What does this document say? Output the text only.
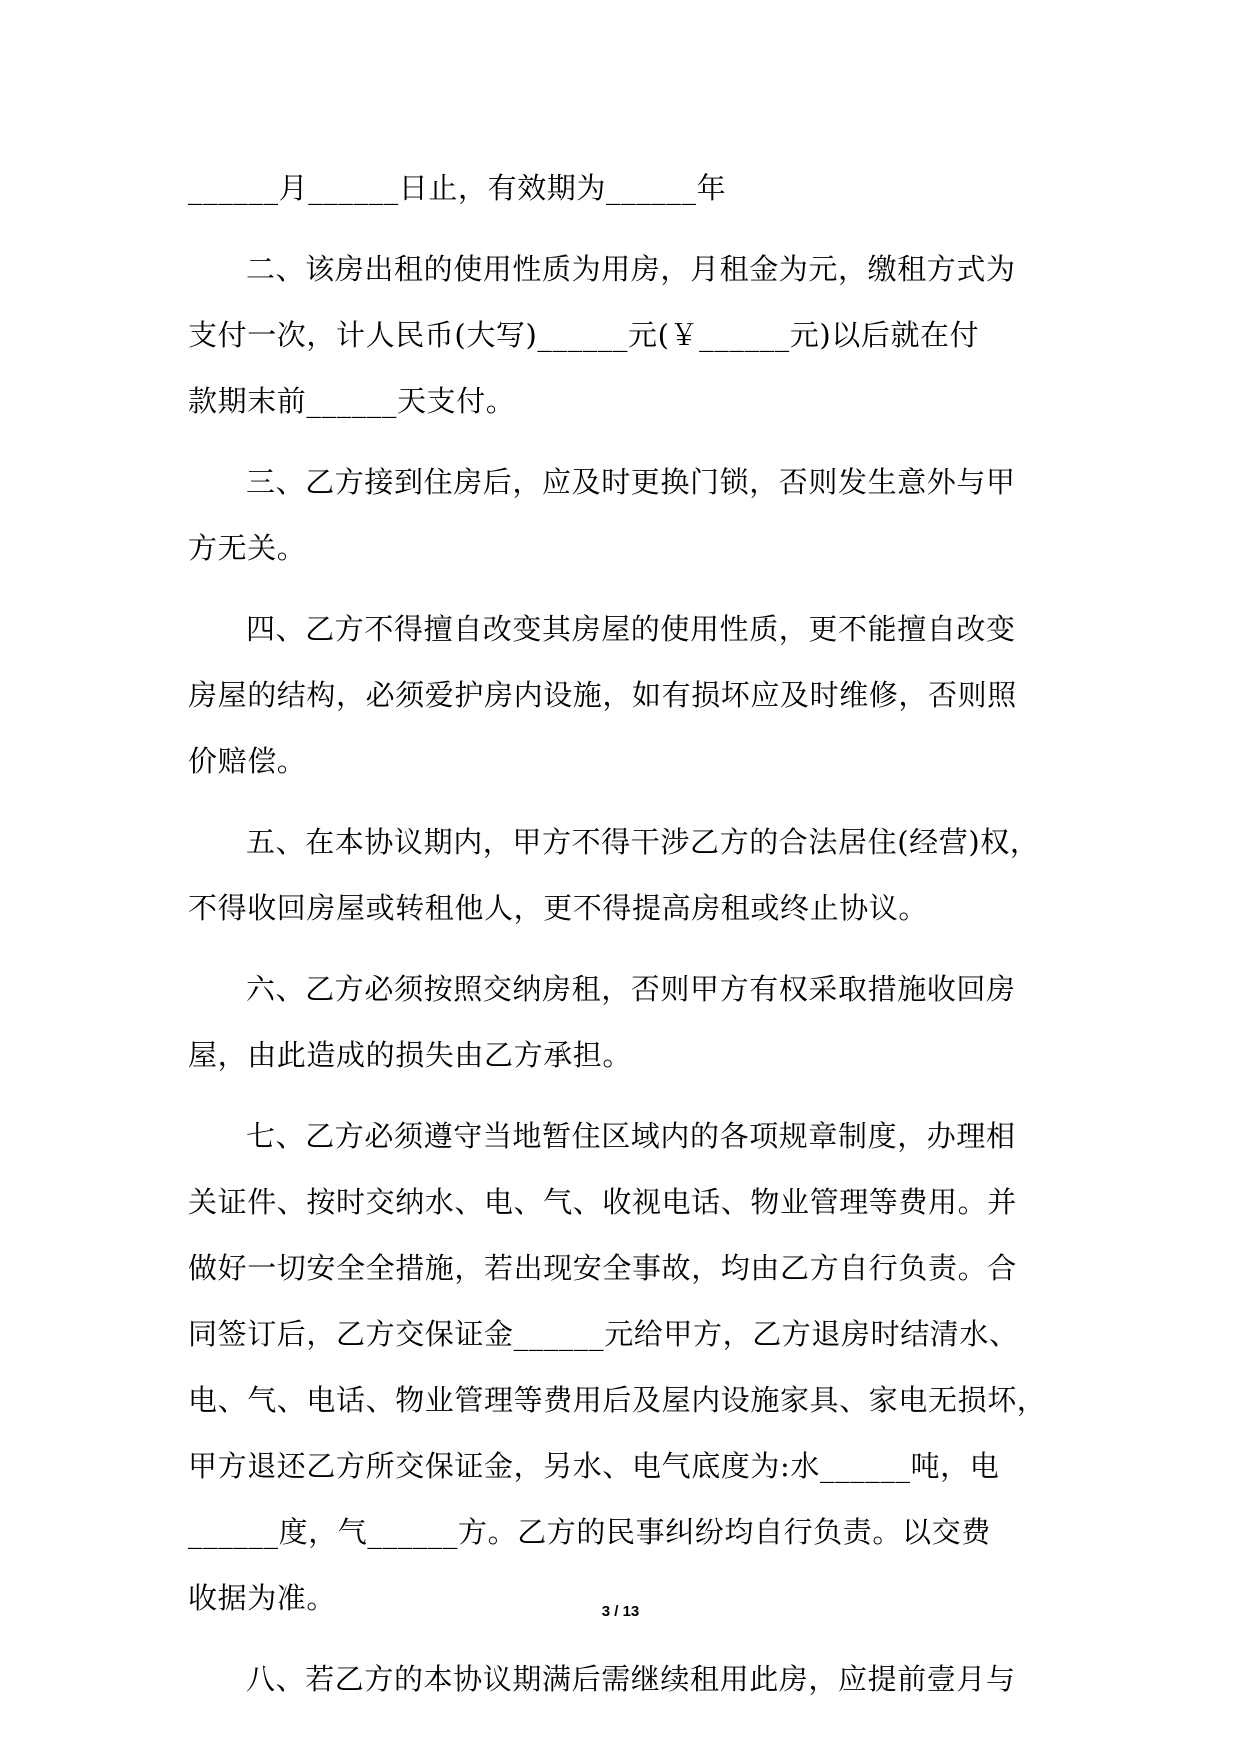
______月______日止，有效期为______年

二、该房出租的使用性质为用房，月租金为元，缴租方式为
支付一次，计人民币(大写)______元(￥______元)以后就在付
款期末前______天支付。

三、乙方接到住房后，应及时更换门锁，否则发生意外与甲
方无关。

四、乙方不得擅自改变其房屋的使用性质，更不能擅自改变
房屋的结构，必须爱护房内设施，如有损坏应及时维修，否则照
价赔偿。

五、在本协议期内，甲方不得干涉乙方的合法居住(经营)权，
不得收回房屋或转租他人，更不得提高房租或终止协议。

六、乙方必须按照交纳房租，否则甲方有权采取措施收回房
屋，由此造成的损失由乙方承担。

七、乙方必须遵守当地暂住区域内的各项规章制度，办理相
关证件、按时交纳水、电、气、收视电话、物业管理等费用。并
做好一切安全全措施，若出现安全事故，均由乙方自行负责。合
同签订后，乙方交保证金______元给甲方，乙方退房时结清水、
电、气、电话、物业管理等费用后及屋内设施家具、家电无损坏，
甲方退还乙方所交保证金，另水、电气底度为:水______吨，电
______度，气______方。乙方的民事纠纷均自行负责。以交费
收据为准。

八、若乙方的本协议期满后需继续租用此房，应提前壹月与

3 / 13
